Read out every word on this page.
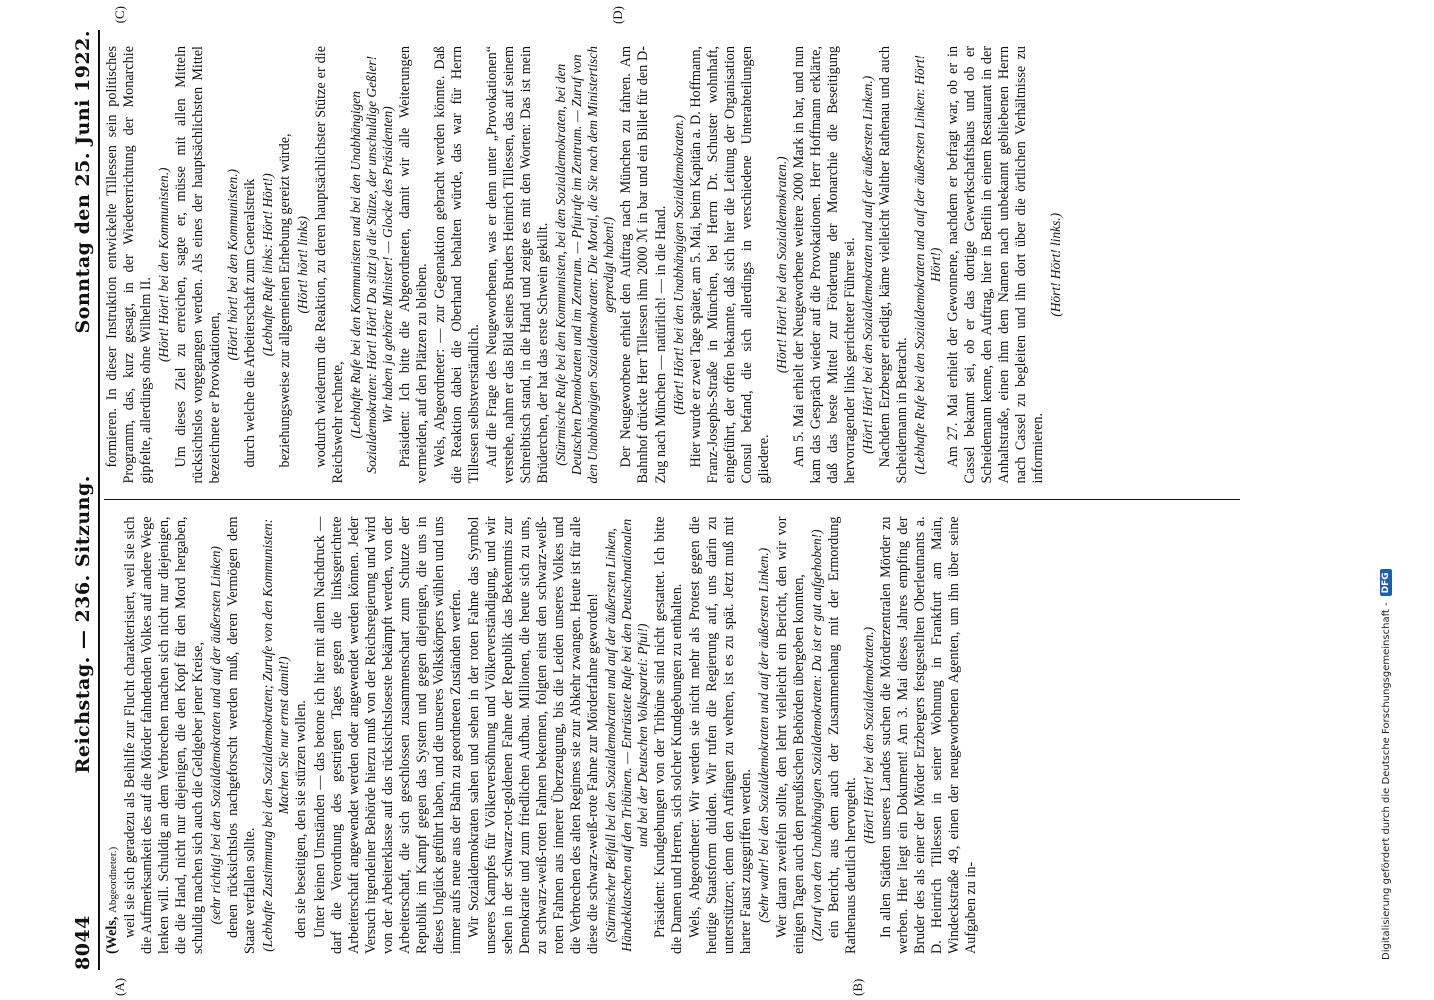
8044
Reichstag. — 236. Sitzung.
Sonntag den 25. Juni 1922.
(A)	(B)
(C)	(D)

(Wels, Abgeordneter.) weil sie sich geradezu als Beihilfe zur Flucht charakterisiert, weil sie sich die Aufmerksamkeit des auf die Mörder fahndenden Volkes auf andere Wege lenken will. Schuldig an dem Verbrechen machen sich nicht nur diejenigen, die die Hand, nicht nur diejenigen, die den Kopf für den Mord hergaben, schuldig machen sich auch die Geldgeber jener Kreise, (sehr richtig! bei den Sozialdemokraten und auf der äußersten Linken) denen rücksichtslos nachgeforscht werden muß, deren Vermögen dem Staate verfallen sollte. (Lebhafte Zustimmung bei den Sozialdemokraten; Zurufe von den Kommunisten: Machen Sie nur ernst damit!) den sie beseitigen, den sie stürzen wollen. Unter keinen Umständen — das betone ich hier mit allem Nachdruck — darf die Verordnung des gestrigen Tages gegen die linksgerichtete Arbeiterschaft angewendet werden oder angewendet werden können. Jeder Versuch irgendeiner Behörde hierzu muß von der Reichsregierung und wird von der Arbeiterklasse auf das rücksichtsloseste bekämpft werden, von der Arbeiterschaft, die sich geschlossen zusammenschart zum Schutze der Republik im Kampf gegen das System und gegen diejenigen, die uns in dieses Unglück geführt haben, und die unseres Volkskörpers wühlen und uns immer aufs neue aus der Bahn zu geordneten Zuständen werfen. Wir Sozialdemokraten sahen und sehen in der roten Fahne das Symbol unseres Kampfes für Völkerversöhnung und Völkerverständigung, und wir sehen in der schwarz-rot-goldenen Fahne der Republik das Bekenntnis zur Demokratie und zum friedlichen Aufbau. Millionen, die heute sich zu uns, zu schwarz-weiß-roten Fahnen bekennen, folgten einst den schwarz-weiß-roten Fahnen aus innerer Überzeugung, bis die Leiden unseres Volkes und die Verbrechen des alten Regimes sie zur Abkehr zwangen. Heute ist für alle diese die schwarz-weiß-rote Fahne zur Mörderfahne geworden! (Stürmischer Beifall bei den Sozialdemokraten und auf der äußersten Linken, Händeklatschen auf den Tribünen. — Entrüstete Rufe bei den Deutschnationalen und bei der Deutschen Volkspartei: Pfui!) Präsident: Kundgebungen von der Tribüne sind nicht gestattet. Ich bitte die Damen und Herren, sich solcher Kundgebungen zu enthalten. Wels, Abgeordneter: Wir werden sie nicht mehr als Protest gegen die heutige Staatsform dulden. Wir rufen die Regierung auf, uns darin zu unterstützen; denn den Anfängen zu wehren, ist es zu spät. Jetzt muß mit harter Faust zugegriffen werden. (Sehr wahr! bei den Sozialdemokraten und auf der äußersten Linken.) Wer daran zweifeln sollte, den lehrt vielleicht ein Bericht, den wir vor einigen Tagen auch den preußischen Behörden übergeben konnten, (Zuruf von den Unabhängigen Sozialdemokraten: Da ist er gut aufgehoben!) ein Bericht, aus dem auch der Zusammenhang mit der Ermordung Rathenaus deutlich hervorgeht.

(Hört! Hört! bei den Sozialdemokraten.) In allen Städten unseres Landes suchen die Mörderzentralen Mörder zu werben. Hier liegt ein Dokument! Am 3. Mai dieses Jahres empfing der Bruder des als einer der Mörder Erzbergers festgestellten Oberleutnants a. D. Heinrich Tillessen in seiner Wohnung in Frankfurt am Main, Windeckstraße 49, einen der neugeworbenen Agenten, um ihn über seine Aufgaben zu in-

formieren. In dieser Instruktion entwickelte Tillessen sein politisches Programm, das, kurz gesagt, in der Wiedererrichtung der Monarchie gipfelte, allerdings ohne Wilhelm II.

(Hört! Hört! bei den Kommunisten.) Um dieses Ziel zu erreichen, sagte er, müsse mit allen Mitteln rücksichtslos vorgegangen werden. Als eines der hauptsächlichsten Mittel bezeichnete er Provokationen,

(Hört! hört! bei den Kommunisten.) durch welche die Arbeiterschaft zum Generalstreik (Lebhafte Rufe links: Hört! Hört!) beziehungsweise zur allgemeinen Erhebung gereizt würde, (Hört! hört! links) wodurch wiederum die Reaktion, zu deren hauptsächlichster Stütze er die Reichswehr rechnete, (Lebhafte Rufe bei den Kommunisten und bei den Unabhängigen Sozialdemokraten: Hört! Hört! Da sitzt ja die Stütze, der unschuldige Geßler! Wir haben ja gehörte Minister! — Glocke des Präsidenten) Präsident: Ich bitte die Abgeordneten, damit wir alle Weiterungen vermeiden, auf den Plätzen zu bleiben. Wels, Abgeordneter: — zur Gegenaktion gebracht werden könnte. Daß die Reaktion dabei die Oberhand behalten würde, das war für Herrn Tillessen selbstverständlich. Auf die Frage des Neugeworbenen, was er denn unter „Provokationen“ verstehe, nahm er das Bild seines Bruders Heinrich Tillessen, das auf seinem Schreibtisch stand, in die Hand und zeigte es mit den Worten: Das ist mein Brüderchen, der hat das erste Schwein gekillt. (Stürmische Rufe bei den Kommunisten, bei den Sozialdemokraten, bei den Deutschen Demokraten und im Zentrum. — Pfuirufe im Zentrum. — Zuruf von den Unabhängigen Sozialdemokraten: Die Moral, die Sie nach dem Ministertisch gepredigt haben!) Der Neugeworbene erhielt den Auftrag nach München zu fahren. Am Bahnhof drückte Herr Tillessen ihm 2000 ℳ in bar und ein Billet für den D-Zug nach München — natürlich! — in die Hand. (Hört! Hört! bei den Unabhängigen Sozialdemokraten.) Hier wurde er zwei Tage später, am 5. Mai, beim Kapitän a. D. Hoffmann, Franz-Josephs-Straße in München, bei Herrn Dr. Schuster wohnhaft, eingeführt, der offen bekannte, daß sich hier die Leitung der Organisation Consul befand, die sich allerdings in verschiedene Unterabteilungen gliedere.

(Hört! Hört! bei den Sozialdemokraten.) Am 5. Mai erhielt der Neugeworbene weitere 2000 Mark in bar, und nun kam das Gespräch wieder auf die Provokationen. Herr Hoffmann erklärte, daß das beste Mittel zur Förderung der Monarchie die Beseitigung hervorragender links gerichteter Führer sei. (Hört! Hört! bei den Sozialdemokraten und auf der äußersten Linken.) Nachdem Erzberger erledigt, käme vielleicht Walther Rathenau und auch Scheidemann in Betracht. (Lebhafte Rufe bei den Sozialdemokraten und auf der äußersten Linken: Hört! Hört!) Am 27. Mai erhielt der Gewonnene, nachdem er befragt war, ob er in Cassel bekannt sei, ob er das dortige Gewerkschaftshaus und ob er Scheidemann kenne, den Auftrag, hier in Berlin in einem Restaurant in der Anhaltstraße, einen ihm dem Namen nach unbekannt gebliebenen Herrn nach Cassel zu begleiten und ihn dort über die örtlichen Verhältnisse zu informieren.

(Hört! Hört! links.)

Digitalisierung gefördert durch die Deutsche Forschungsgemeinschaft -
DFG
